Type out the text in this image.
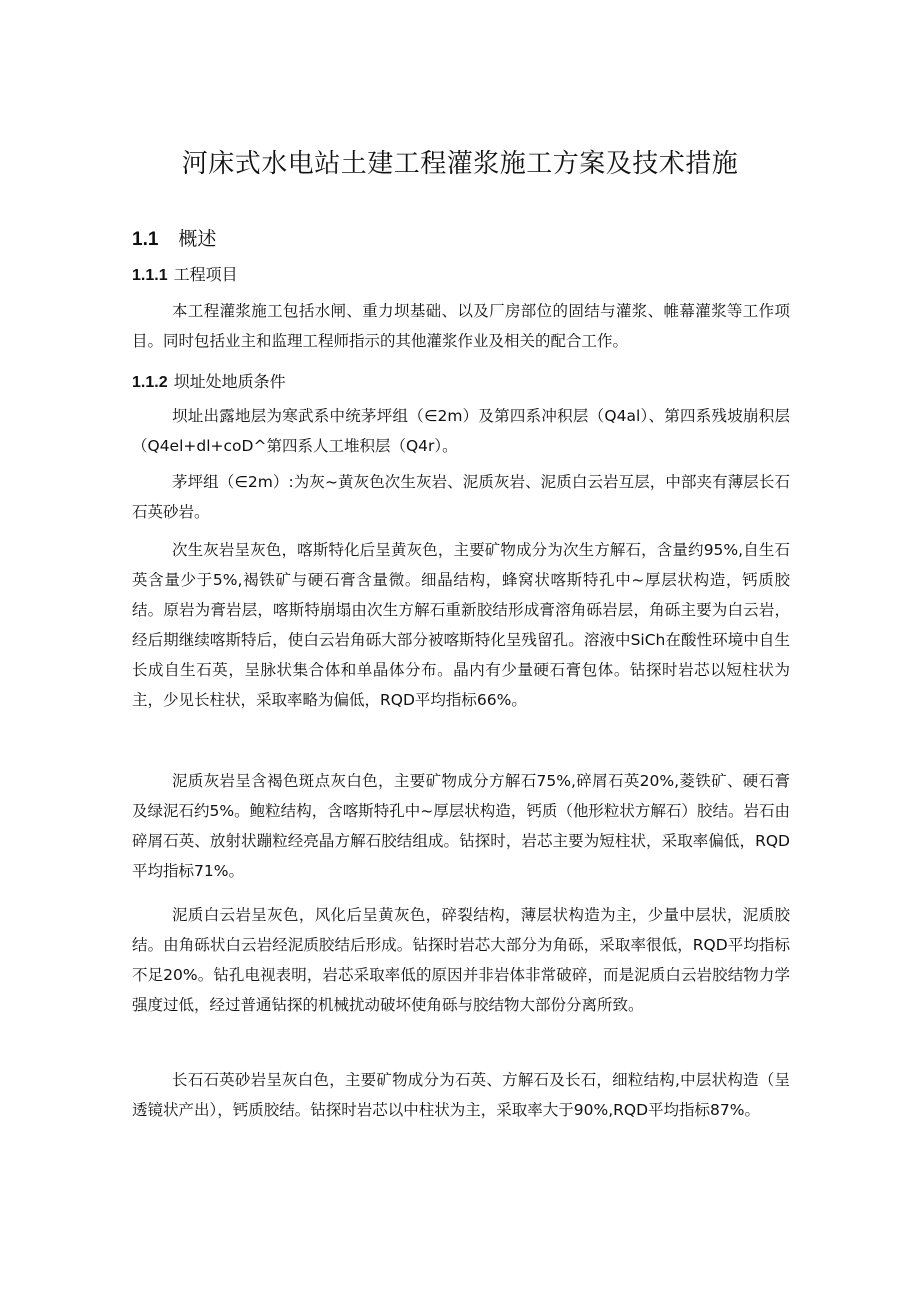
河床式水电站土建工程灌浆施工方案及技术措施
1.1 概述
1.1.1 工程项目

本工程灌浆施工包括水闸、重力坝基础、以及厂房部位的固结与灌浆、帷幕灌浆等工作项目。同时包括业主和监理工程师指示的其他灌浆作业及相关的配合工作。

1.1.2 坝址处地质条件

坝址出露地层为寒武系中统茅坪组（∈2m）及第四系冲积层（Q4al）、第四系残坡崩积层（Q4el+dl+coD^第四系人工堆积层（Q4r）。

茅坪组（∈2m）:为灰~黄灰色次生灰岩、泥质灰岩、泥质白云岩互层，中部夹有薄层长石石英砂岩。

次生灰岩呈灰色，喀斯特化后呈黄灰色，主要矿物成分为次生方解石，含量约95%,自生石英含量少于5%,褐铁矿与硬石膏含量微。细晶结构，蜂窝状喀斯特孔中~厚层状构造，钙质胶结。原岩为膏岩层，喀斯特崩塌由次生方解石重新胶结形成膏溶角砾岩层，角砾主要为白云岩，经后期继续喀斯特后，使白云岩角砾大部分被喀斯特化呈残留孔。溶液中SiCh在酸性环境中自生长成自生石英，呈脉状集合体和单晶体分布。晶内有少量硬石膏包体。钻探时岩芯以短柱状为主，少见长柱状，采取率略为偏低，RQD平均指标66%。

泥质灰岩呈含褐色斑点灰白色，主要矿物成分方解石75%,碎屑石英20%,菱铁矿、硬石膏及绿泥石约5%。鲍粒结构，含喀斯特孔中~厚层状构造，钙质（他形粒状方解石）胶结。岩石由碎屑石英、放射状蹦粒经亮晶方解石胶结组成。钻探时，岩芯主要为短柱状，采取率偏低，RQD平均指标71%。

泥质白云岩呈灰色，风化后呈黄灰色，碎裂结构，薄层状构造为主，少量中层状，泥质胶结。由角砾状白云岩经泥质胶结后形成。钻探时岩芯大部分为角砾，采取率很低，RQD平均指标不足20%。钻孔电视表明，岩芯采取率低的原因并非岩体非常破碎，而是泥质白云岩胶结物力学强度过低，经过普通钻探的机械扰动破坏使角砾与胶结物大部份分离所致。

长石石英砂岩呈灰白色，主要矿物成分为石英、方解石及长石，细粒结构,中层状构造（呈透镜状产出），钙质胶结。钻探时岩芯以中柱状为主，采取率大于90%,RQD平均指标87%。
